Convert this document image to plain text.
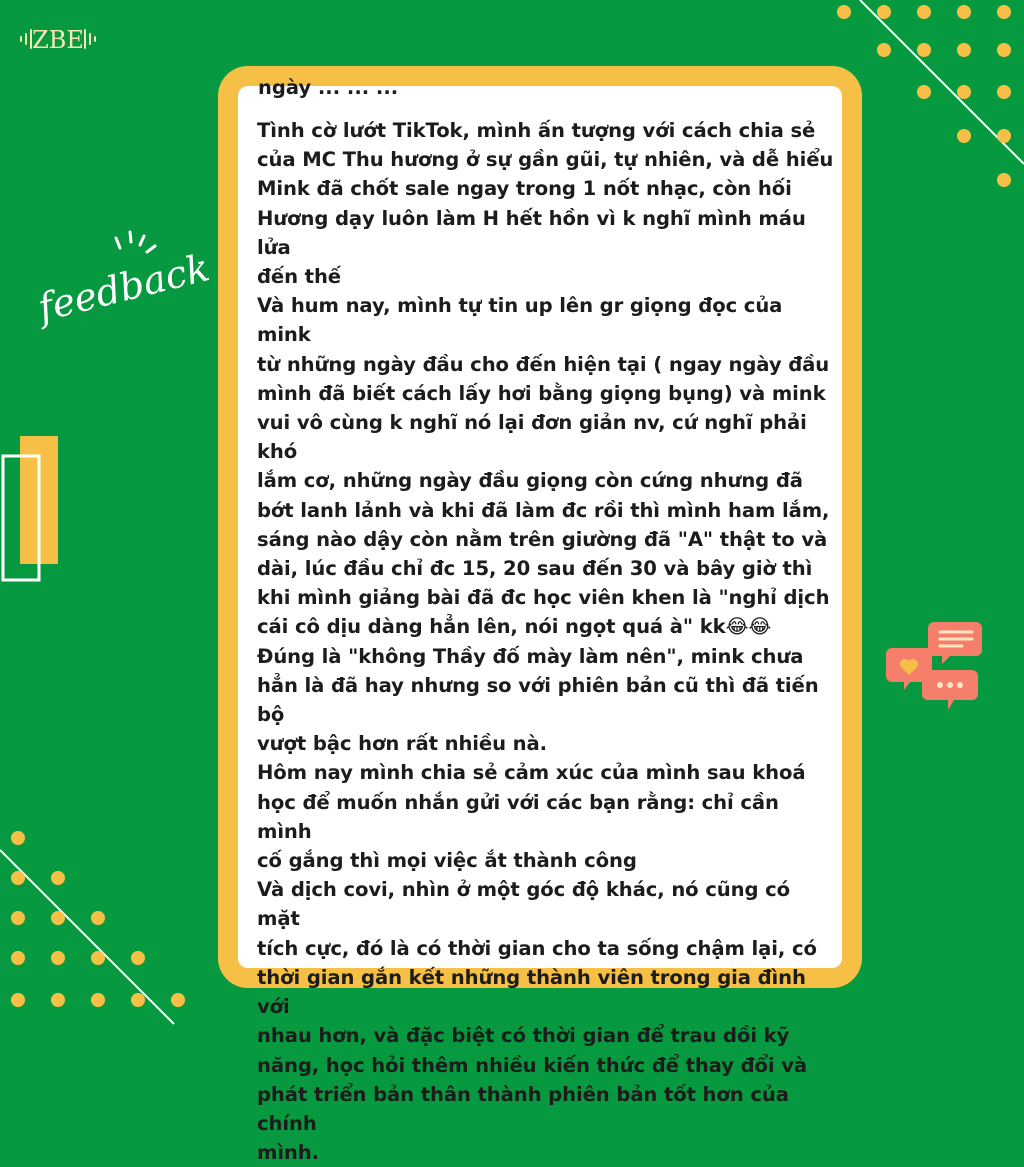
ZBE
feedback
ngày ... ... ...

Tình cờ lướt TikTok, mình ấn tượng với cách chia sẻ
của MC Thu hương ở sự gần gũi, tự nhiên, và dễ hiểu
Mink đã chốt sale ngay trong 1 nốt nhạc, còn hối
Hương dạy luôn làm H hết hồn vì k nghĩ mình máu lửa
đến thế
Và hum nay, mình tự tin up lên gr giọng đọc của mink
từ những ngày đầu cho đến hiện tại ( ngay ngày đầu
mình đã biết cách lấy hơi bằng giọng bụng) và mink
vui vô cùng k nghĩ nó lại đơn giản nv, cứ nghĩ phải khó
lắm cơ, những ngày đầu giọng còn cứng nhưng đã
bớt lanh lảnh và khi đã làm đc rồi thì mình ham lắm,
sáng nào dậy còn nằm trên giường đã "A" thật to và
dài, lúc đầu chỉ đc 15, 20 sau đến 30 và bây giờ thì
khi mình giảng bài đã đc học viên khen là "nghỉ dịch
cái cô dịu dàng hẳn lên, nói ngọt quá à" kk😂😂
Đúng là "không Thầy đố mày làm nên", mink chưa
hẳn là đã hay nhưng so với phiên bản cũ thì đã tiến bộ
vượt bậc hơn rất nhiều nà.
Hôm nay mình chia sẻ cảm xúc của mình sau khoá
học để muốn nhắn gửi với các bạn rằng: chỉ cần mình
cố gắng thì mọi việc ắt thành công
Và dịch covi, nhìn ở một góc độ khác, nó cũng có mặt
tích cực, đó là có thời gian cho ta sống chậm lại, có
thời gian gắn kết những thành viên trong gia đình với
nhau hơn, và đặc biệt có thời gian để trau dồi kỹ
năng, học hỏi thêm nhiều kiến thức để thay đổi và
phát triển bản thân thành phiên bản tốt hơn của chính
mình.
